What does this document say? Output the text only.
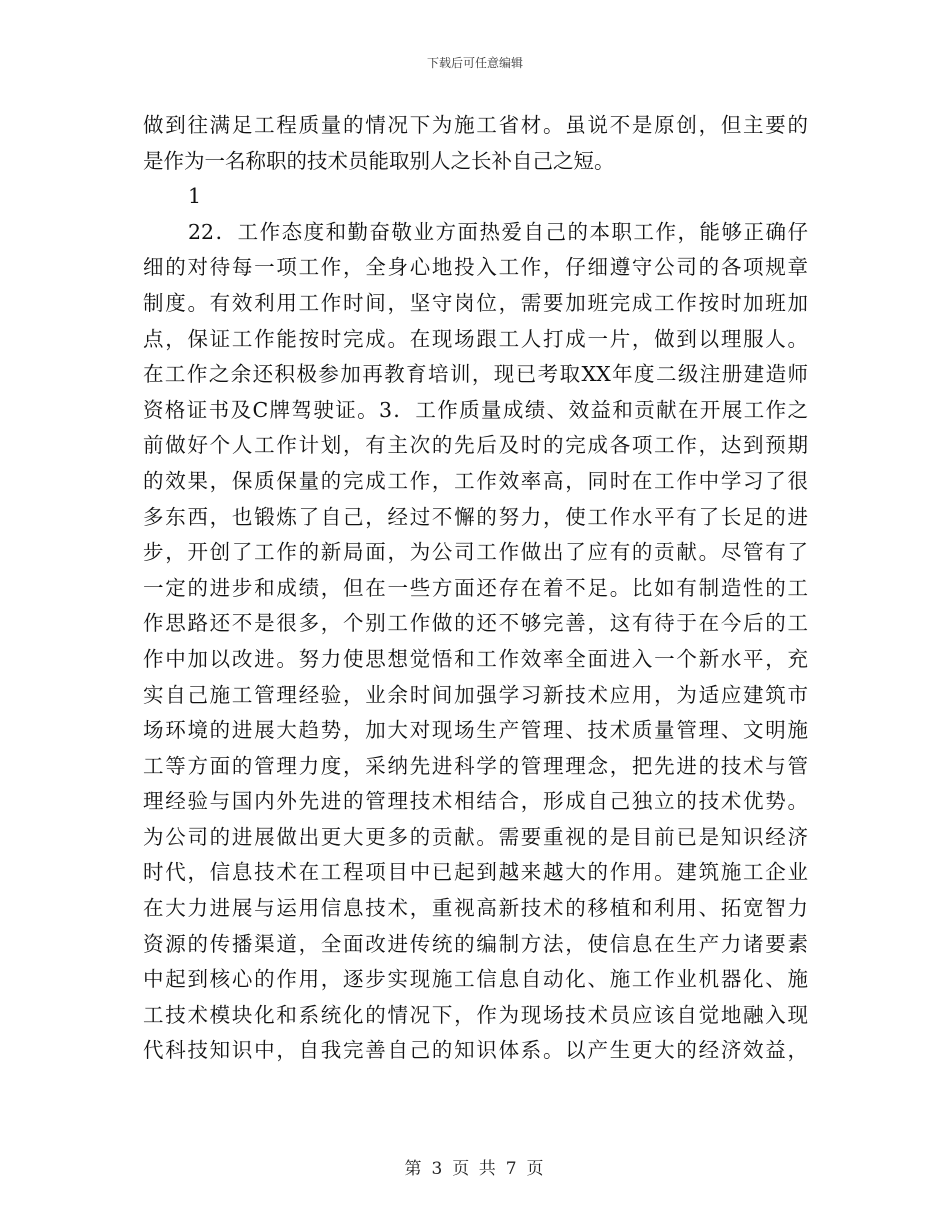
下载后可任意编辑
做到往满足工程质量的情况下为施工省材。虽说不是原创，但主要的
是作为一名称职的技术员能取别人之长补自己之短。
1
22．工作态度和勤奋敬业方面热爱自己的本职工作，能够正确仔
细的对待每一项工作，全身心地投入工作，仔细遵守公司的各项规章
制度。有效利用工作时间，坚守岗位，需要加班完成工作按时加班加
点，保证工作能按时完成。在现场跟工人打成一片，做到以理服人。
在工作之余还积极参加再教育培训，现已考取XX年度二级注册建造师
资格证书及C牌驾驶证。3．工作质量成绩、效益和贡献在开展工作之
前做好个人工作计划，有主次的先后及时的完成各项工作，达到预期
的效果，保质保量的完成工作，工作效率高，同时在工作中学习了很
多东西，也锻炼了自己，经过不懈的努力，使工作水平有了长足的进
步，开创了工作的新局面，为公司工作做出了应有的贡献。尽管有了
一定的进步和成绩，但在一些方面还存在着不足。比如有制造性的工
作思路还不是很多，个别工作做的还不够完善，这有待于在今后的工
作中加以改进。努力使思想觉悟和工作效率全面进入一个新水平，充
实自己施工管理经验，业余时间加强学习新技术应用，为适应建筑市
场环境的进展大趋势，加大对现场生产管理、技术质量管理、文明施
工等方面的管理力度，采纳先进科学的管理理念，把先进的技术与管
理经验与国内外先进的管理技术相结合，形成自己独立的技术优势。
为公司的进展做出更大更多的贡献。需要重视的是目前已是知识经济
时代，信息技术在工程项目中已起到越来越大的作用。建筑施工企业
在大力进展与运用信息技术，重视高新技术的移植和利用、拓宽智力
资源的传播渠道，全面改进传统的编制方法，使信息在生产力诸要素
中起到核心的作用，逐步实现施工信息自动化、施工作业机器化、施
工技术模块化和系统化的情况下，作为现场技术员应该自觉地融入现
代科技知识中，自我完善自己的知识体系。以产生更大的经济效益，
第 3 页 共 7 页
